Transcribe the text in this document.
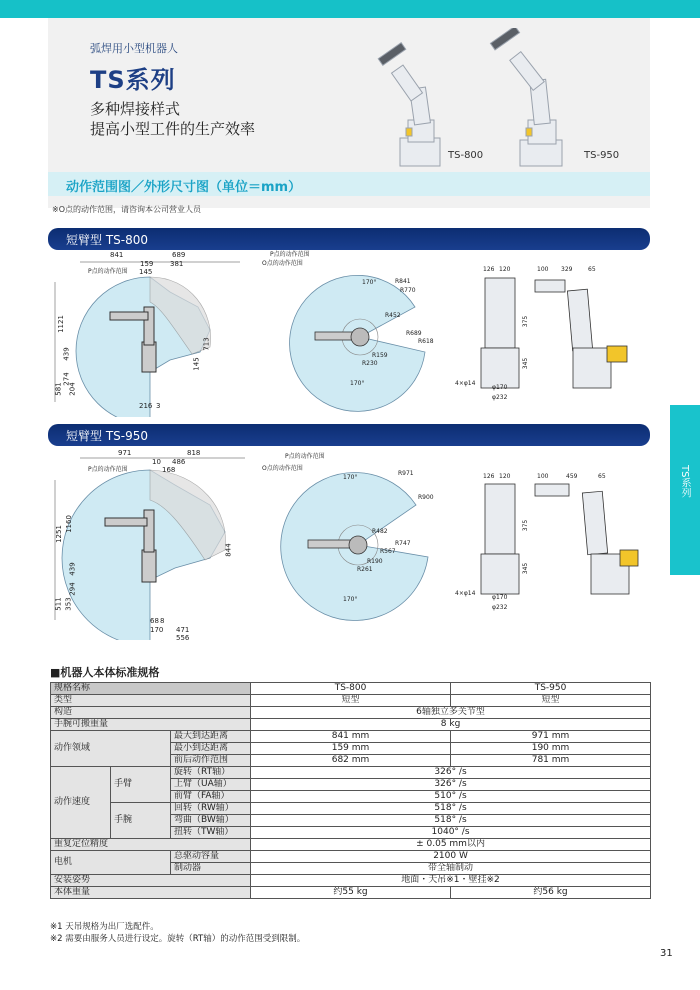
弧焊用小型机器人
TS系列
多种焊接样式
提高小型工件的生产效率
TS-800	TS-950
动作范围图／外形尺寸图（单位＝mm）
※O点的动作范围，请咨询本公司营业人员
TS系列
短臂型 TS-800
841	689
159 381
145
P点的动作范围
1121
439
274
581 204
713
145
216 3
P点的动作范围
O点的动作范围
R841
R770
R452
R689
R618
R159
R230
170°
170°
126 120	100 329	65
375
345
4×φ14
φ170
φ232
短臂型 TS-950
971	818
10 486
168
P点的动作范围
1251
1160
439
294
511 353
844
68
170 471
556
8
P点的动作范围
O点的动作范围
R971
R900
R482
R747
R567
R190
R261
170°
170°
126 120	100	459	65
375
345
4×φ14
φ170
φ232
■机器人本体标准规格
规格名称			TS-800	TS-950
类型			短型	短型
构造			6轴独立多关节型	
手腕可搬重量			8 kg	
动作领域		最大到达距离	841 mm	971 mm
		最小到达距离	159 mm	190 mm
		前后动作范围	682 mm	781 mm
动作速度	手臂	旋转（RT轴）	326° /s	
		上臂（UA轴）	326° /s	
		前臂（FA轴）	510° /s	
	手腕	回转（RW轴）	518° /s	
		弯曲（BW轴）	518° /s	
		扭转（TW轴）	1040° /s	
重复定位精度			± 0.05 mm以内	
电机		总驱动容量	2100 W	
		制动器	带全轴制动	
安装姿势			地面・天吊※1・壁挂※2	
本体重量			约55 kg	约56 kg
※1 天吊规格为出厂选配件。
※2 需要由服务人员进行设定。旋转（RT轴）的动作范围受到限制。
31
